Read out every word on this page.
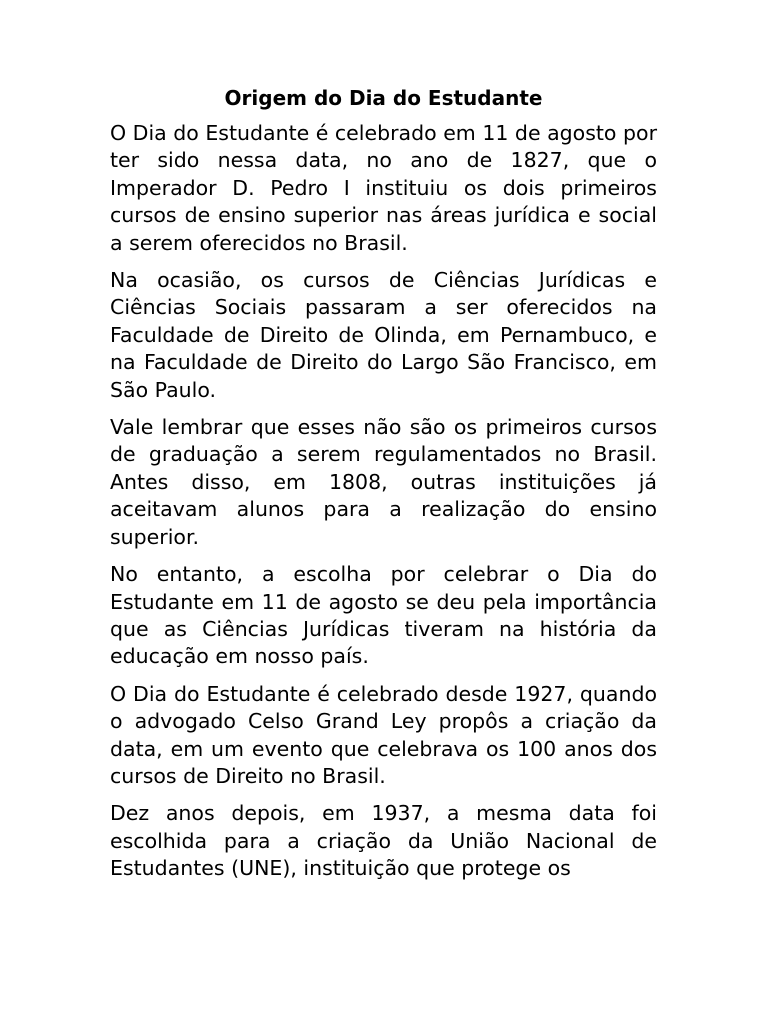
Origem do Dia do Estudante

O Dia do Estudante é celebrado em 11 de agosto por ter sido nessa data, no ano de 1827, que o Imperador D. Pedro I instituiu os dois primeiros cursos de ensino superior nas áreas jurídica e social a serem oferecidos no Brasil.

Na ocasião, os cursos de Ciências Jurídicas e Ciências Sociais passaram a ser oferecidos na Faculdade de Direito de Olinda, em Pernambuco, e na Faculdade de Direito do Largo São Francisco, em São Paulo.

Vale lembrar que esses não são os primeiros cursos de graduação a serem regulamentados no Brasil. Antes disso, em 1808, outras instituições já aceitavam alunos para a realização do ensino superior.

No entanto, a escolha por celebrar o Dia do Estudante em 11 de agosto se deu pela importância que as Ciências Jurídicas tiveram na história da educação em nosso país.

O Dia do Estudante é celebrado desde 1927, quando o advogado Celso Grand Ley propôs a criação da data, em um evento que celebrava os 100 anos dos cursos de Direito no Brasil.

Dez anos depois, em 1937, a mesma data foi escolhida para a criação da União Nacional de Estudantes (UNE), instituição que protege os
